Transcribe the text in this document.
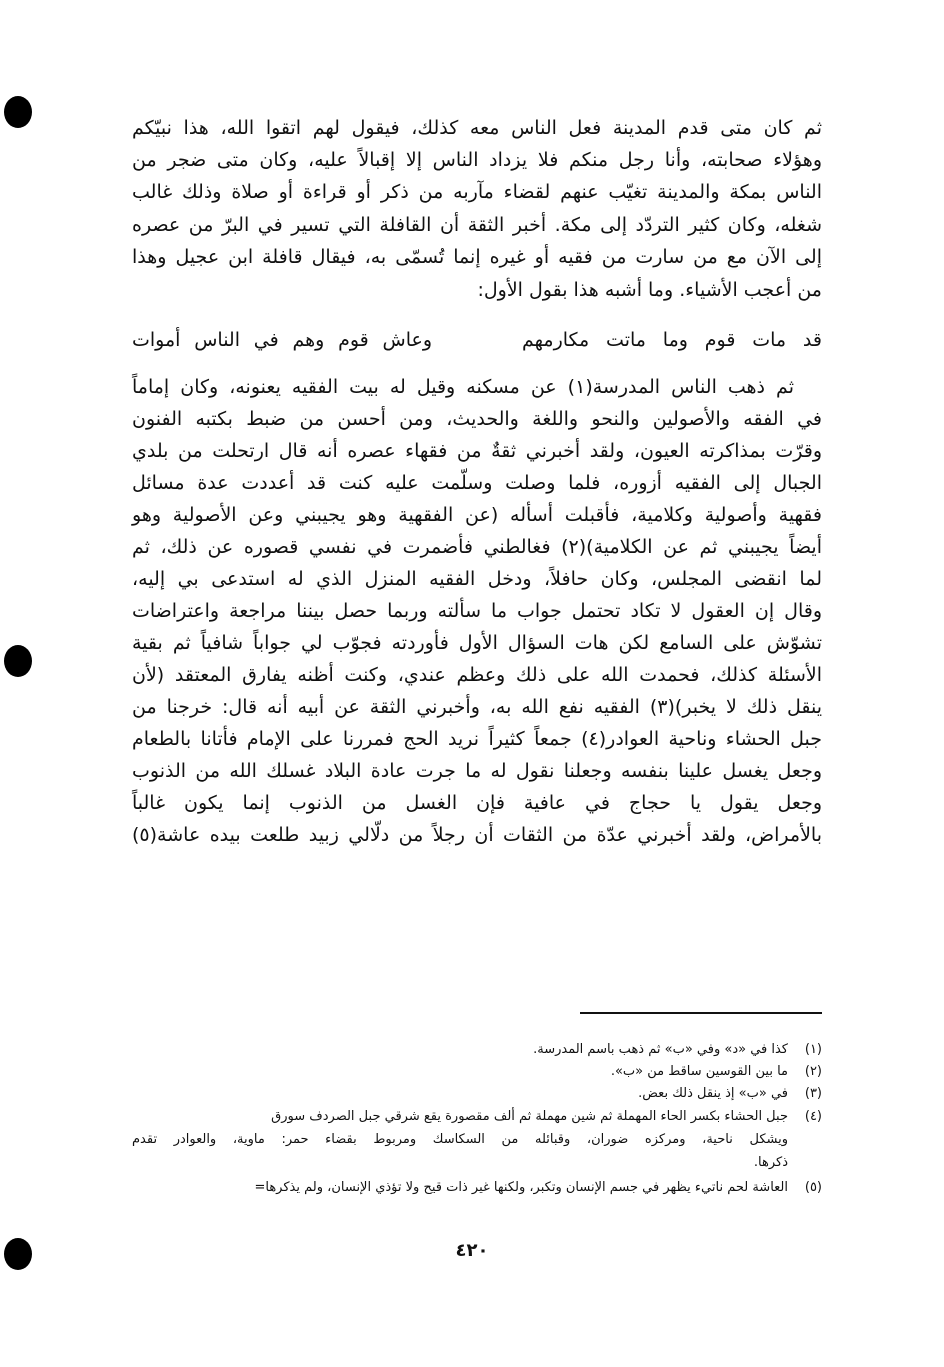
ثم كان متى قدم المدينة فعل الناس معه كذلك، فيقول لهم اتقوا الله، هذا نبيّكم
وهؤلاء صحابته، وأنا رجل منكم فلا يزداد الناس إلا إقبالاً عليه، وكان متى ضجر من
الناس بمكة والمدينة تغيّب عنهم لقضاء مآربه من ذكر أو قراءة أو صلاة وذلك غالب
شغله، وكان كثير التردّد إلى مكة. أخبر الثقة أن القافلة التي تسير في البرّ من عصره
إلى الآن مع من سارت من فقيه أو غيره إنما تُسمّى به، فيقال قافلة ابن عجيل وهذا
من أعجب الأشياء. وما أشبه هذا بقول الأول:
قد مات قوم وما ماتت مكارمهم
وعاش قوم وهم في الناس أموات
ثم ذهب الناس المدرسة(١) عن مسكنه وقيل له بيت الفقيه يعنونه، وكان إماماً
في الفقه والأصولين والنحو واللغة والحديث، ومن أحسن من ضبط بكتبه الفنون
وقرّت بمذاكرته العيون، ولقد أخبرني ثقةٌ من فقهاء عصره أنه قال ارتحلت من بلدي
الجبال إلى الفقيه أزوره، فلما وصلت وسلّمت عليه كنت قد أعددت عدة مسائل
فقهية وأصولية وكلامية، فأقبلت أسأله (عن الفقهية وهو يجيبني وعن الأصولية وهو
أيضاً يجيبني ثم عن الكلامية)(٢) فغالطني فأضمرت في نفسي قصوره عن ذلك، ثم
لما انقضى المجلس، وكان حافلاً، ودخل الفقيه المنزل الذي له استدعى بي إليه،
وقال إن العقول لا تكاد تحتمل جواب ما سألته وربما حصل بيننا مراجعة واعتراضات
تشوّش على السامع لكن هات السؤال الأول فأوردته فجوّب لي جواباً شافياً ثم بقية
الأسئلة كذلك، فحمدت الله على ذلك وعظم عندي، وكنت أظنه يفارق المعتقد (لأن
ينقل ذلك لا يخبر)(٣) الفقيه نفع الله به، وأخبرني الثقة عن أبيه أنه قال: خرجنا من
جبل الحشاء وناحية العوادر(٤) جمعاً كثيراً نريد الحج فمررنا على الإمام فأتانا بالطعام
وجعل يغسل علينا بنفسه وجعلنا نقول له ما جرت عادة البلاد غسلك الله من الذنوب
وجعل يقول يا حجاج في عافية فإن الغسل من الذنوب إنما يكون غالباً
بالأمراض، ولقد أخبرني عدّة من الثقات أن رجلاً من دلّالي زبيد طلعت بيده عاشة(٥)
(١)كذا في «د» وفي «ب» ثم ذهب باسم المدرسة.
(٢)ما بين القوسين ساقط من «ب».
(٣)في «ب» إذ ينقل ذلك بعض.
(٤)جبل الحشاء بكسر الحاء المهملة ثم شين مهملة ثم ألف مقصورة يقع شرقي جبل الصردف سورق
ويشكل ناحية، ومركزه ضوران، وقبائله من السكاسك ومربوط بقضاء حمر: ماوية، والعوادر تقدم
ذكرها.
(٥)العاشة لحم ناتيء يظهر في جسم الإنسان وتكبر، ولكنها غير ذات قيح ولا تؤذي الإنسان، ولم يذكرها=
٤٢٠
